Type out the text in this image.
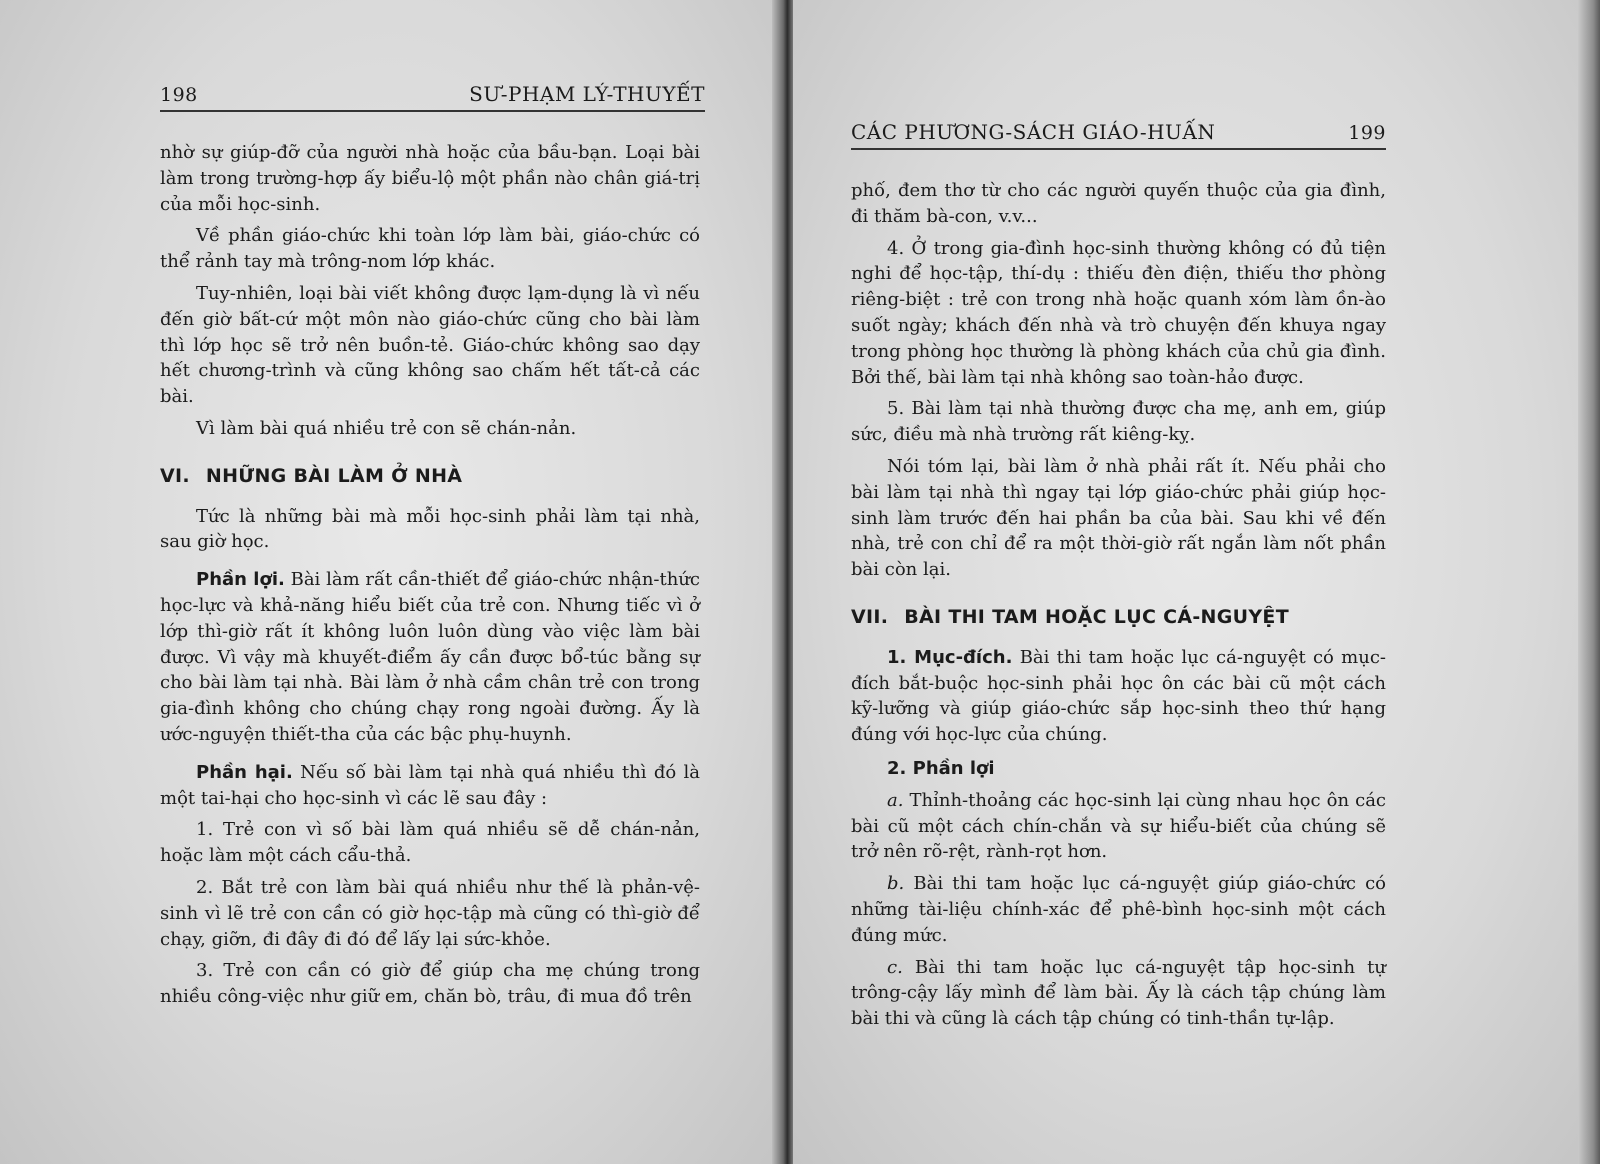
198	SƯ-PHẠM LÝ-THUYẾT

nhờ sự giúp-đỡ của người nhà hoặc của bầu-bạn. Loại bài làm trong trường-hợp ấy biểu-lộ một phần nào chân giá-trị của mỗi học-sinh.

Về phần giáo-chức khi toàn lớp làm bài, giáo-chức có thể rảnh tay mà trông-nom lớp khác.

Tuy-nhiên, loại bài viết không được lạm-dụng là vì nếu đến giờ bất-cứ một môn nào giáo-chức cũng cho bài làm thì lớp học sẽ trở nên buồn-tẻ. Giáo-chức không sao dạy hết chương-trình và cũng không sao chấm hết tất-cả các bài.

Vì làm bài quá nhiều trẻ con sẽ chán-nản.

VI. NHỮNG BÀI LÀM Ở NHÀ

Tức là những bài mà mỗi học-sinh phải làm tại nhà, sau giờ học.

Phần lợi. Bài làm rất cần-thiết để giáo-chức nhận-thức học-lực và khả-năng hiểu biết của trẻ con. Nhưng tiếc vì ở lớp thì-giờ rất ít không luôn luôn dùng vào việc làm bài được. Vì vậy mà khuyết-điểm ấy cần được bổ-túc bằng sự cho bài làm tại nhà. Bài làm ở nhà cầm chân trẻ con trong gia-đình không cho chúng chạy rong ngoài đường. Ấy là ước-nguyện thiết-tha của các bậc phụ-huynh.

Phần hại. Nếu số bài làm tại nhà quá nhiều thì đó là một tai-hại cho học-sinh vì các lẽ sau đây :

1. Trẻ con vì số bài làm quá nhiều sẽ dễ chán-nản, hoặc làm một cách cẩu-thả.

2. Bắt trẻ con làm bài quá nhiều như thế là phản-vệ-sinh vì lẽ trẻ con cần có giờ học-tập mà cũng có thì-giờ để chạy, giỡn, đi đây đi đó để lấy lại sức-khỏe.

3. Trẻ con cần có giờ để giúp cha mẹ chúng trong nhiều công-việc như giữ em, chăn bò, trâu, đi mua đồ trên

CÁC PHƯƠNG-SÁCH GIÁO-HUẤN	199

phố, đem thơ từ cho các người quyến thuộc của gia đình, đi thăm bà-con, v.v...

4. Ở trong gia-đình học-sinh thường không có đủ tiện nghi để học-tập, thí-dụ : thiếu đèn điện, thiếu thơ phòng riêng-biệt : trẻ con trong nhà hoặc quanh xóm làm ồn-ào suốt ngày; khách đến nhà và trò chuyện đến khuya ngay trong phòng học thường là phòng khách của chủ gia đình. Bởi thế, bài làm tại nhà không sao toàn-hảo được.

5. Bài làm tại nhà thường được cha mẹ, anh em, giúp sức, điều mà nhà trường rất kiêng-kỵ.

Nói tóm lại, bài làm ở nhà phải rất ít. Nếu phải cho bài làm tại nhà thì ngay tại lớp giáo-chức phải giúp học-sinh làm trước đến hai phần ba của bài. Sau khi về đến nhà, trẻ con chỉ để ra một thời-giờ rất ngắn làm nốt phần bài còn lại.

VII. BÀI THI TAM HOẶC LỤC CÁ-NGUYỆT

1. Mục-đích. Bài thi tam hoặc lục cá-nguyệt có mục-đích bắt-buộc học-sinh phải học ôn các bài cũ một cách kỹ-lưỡng và giúp giáo-chức sắp học-sinh theo thứ hạng đúng với học-lực của chúng.

2. Phần lợi

a. Thỉnh-thoảng các học-sinh lại cùng nhau học ôn các bài cũ một cách chín-chắn và sự hiểu-biết của chúng sẽ trở nên rõ-rệt, rành-rọt hơn.

b. Bài thi tam hoặc lục cá-nguyệt giúp giáo-chức có những tài-liệu chính-xác để phê-bình học-sinh một cách đúng mức.

c. Bài thi tam hoặc lục cá-nguyệt tập học-sinh tự trông-cậy lấy mình để làm bài. Ấy là cách tập chúng làm bài thi và cũng là cách tập chúng có tinh-thần tự-lập.
